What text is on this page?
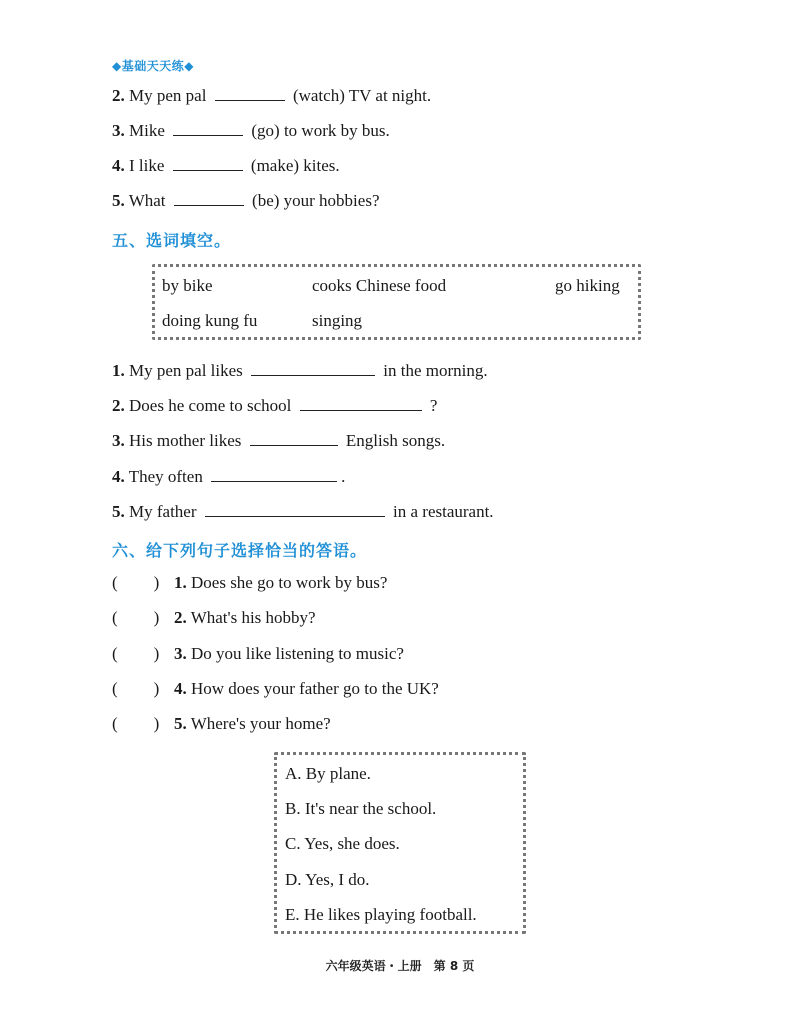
◆基础天天练◆
2. My pen pal	(watch) TV at night.
3. Mike	(go) to work by bus.
4. I like	(make) kites.
5. What	(be) your hobbies?
五、选词填空。
by bike	cooks Chinese food	go hiking
doing kung fu	singing
1. My pen pal likes	in the morning.
2. Does he come to school	?
3. His mother likes	English songs.
4. They often	.
5. My father	in a restaurant.
六、给下列句子选择恰当的答语。
( ) 1. Does she go to work by bus?
( ) 2. What's his hobby?
( ) 3. Do you like listening to music?
( ) 4. How does your father go to the UK?
( ) 5. Where's your home?
A. By plane.
B. It's near the school.
C. Yes, she does.
D. Yes, I do.
E. He likes playing football.
六年级英语・上册　第 8 页
